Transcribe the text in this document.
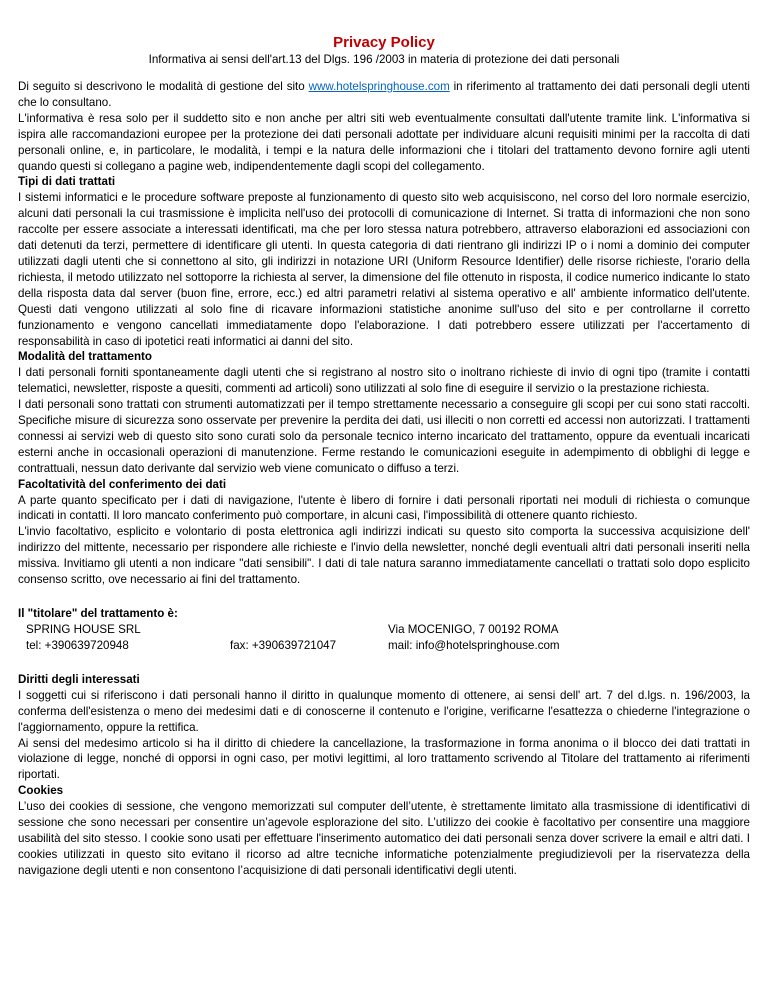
Privacy Policy
Informativa ai sensi dell'art.13 del Dlgs. 196 /2003 in materia di protezione dei dati personali

Di seguito si descrivono le modalità di gestione del sito www.hotelspringhouse.com in riferimento al trattamento dei dati personali degli utenti che lo consultano.

L'informativa è resa solo per il suddetto sito e non anche per altri siti web eventualmente consultati dall'utente tramite link. L'informativa si ispira alle raccomandazioni europee per la protezione dei dati personali adottate per individuare alcuni requisiti minimi per la raccolta di dati personali online, e, in particolare, le modalità, i tempi e la natura delle informazioni che i titolari del trattamento devono fornire agli utenti quando questi si collegano a pagine web, indipendentemente dagli scopi del collegamento.

Tipi di dati trattati

I sistemi informatici e le procedure software preposte al funzionamento di questo sito web acquisiscono, nel corso del loro normale esercizio, alcuni dati personali la cui trasmissione è implicita nell'uso dei protocolli di comunicazione di Internet. Si tratta di informazioni che non sono raccolte per essere associate a interessati identificati, ma che per loro stessa natura potrebbero, attraverso elaborazioni ed associazioni con dati detenuti da terzi, permettere di identificare gli utenti. In questa categoria di dati rientrano gli indirizzi IP o i nomi a dominio dei computer utilizzati dagli utenti che si connettono al sito, gli indirizzi in notazione URI (Uniform Resource Identifier) delle risorse richieste, l'orario della richiesta, il metodo utilizzato nel sottoporre la richiesta al server, la dimensione del file ottenuto in risposta, il codice numerico indicante lo stato della risposta data dal server (buon fine, errore, ecc.) ed altri parametri relativi al sistema operativo e all' ambiente informatico dell'utente. Questi dati vengono utilizzati al solo fine di ricavare informazioni statistiche anonime sull'uso del sito e per controllarne il corretto funzionamento e vengono cancellati immediatamente dopo l'elaborazione. I dati potrebbero essere utilizzati per l'accertamento di responsabilità in caso di ipotetici reati informatici ai danni del sito.

Modalità del trattamento

I dati personali forniti spontaneamente dagli utenti che si registrano al nostro sito o inoltrano richieste di invio di ogni tipo (tramite i contatti telematici, newsletter, risposte a quesiti, commenti ad articoli) sono utilizzati al solo fine di eseguire il servizio o la prestazione richiesta.

I dati personali sono trattati con strumenti automatizzati per il tempo strettamente necessario a conseguire gli scopi per cui sono stati raccolti. Specifiche misure di sicurezza sono osservate per prevenire la perdita dei dati, usi illeciti o non corretti ed accessi non autorizzati. I trattamenti connessi ai servizi web di questo sito sono curati solo da personale tecnico interno incaricato del trattamento, oppure da eventuali incaricati esterni anche in occasionali operazioni di manutenzione. Ferme restando le comunicazioni eseguite in adempimento di obblighi di legge e contrattuali, nessun dato derivante dal servizio web viene comunicato o diffuso a terzi.

Facoltatività del conferimento dei dati

A parte quanto specificato per i dati di navigazione, l'utente è libero di fornire i dati personali riportati nei moduli di richiesta o comunque indicati in contatti. Il loro mancato conferimento può comportare, in alcuni casi, l'impossibilità di ottenere quanto richiesto.

L'invio facoltativo, esplicito e volontario di posta elettronica agli indirizzi indicati su questo sito comporta la successiva acquisizione dell' indirizzo del mittente, necessario per rispondere alle richieste e l'invio della newsletter, nonché degli eventuali altri dati personali inseriti nella missiva. Invitiamo gli utenti a non indicare "dati sensibili". I dati di tale natura saranno immediatamente cancellati o trattati solo dopo esplicito consenso scritto, ove necessario ai fini del trattamento.

Il "titolare" del trattamento è:
SPRING HOUSE SRL
tel: +390639720948	fax: +390639721047
Via MOCENIGO, 7 00192 ROMA
mail: info@hotelspringhouse.com
Diritti degli interessati

I soggetti cui si riferiscono i dati personali hanno il diritto in qualunque momento di ottenere, ai sensi dell' art. 7 del d.lgs. n. 196/2003, la conferma dell'esistenza o meno dei medesimi dati e di conoscerne il contenuto e l'origine, verificarne l'esattezza o chiederne l'integrazione o l'aggiornamento, oppure la rettifica.

Ai sensi del medesimo articolo si ha il diritto di chiedere la cancellazione, la trasformazione in forma anonima o il blocco dei dati trattati in violazione di legge, nonché di opporsi in ogni caso, per motivi legittimi, al loro trattamento scrivendo al Titolare del trattamento ai riferimenti riportati.

Cookies

L’uso dei cookies di sessione, che vengono memorizzati sul computer dell’utente, è strettamente limitato alla trasmissione di identificativi di sessione che sono necessari per consentire un’agevole esplorazione del sito. L’utilizzo dei cookie è facoltativo per consentire una maggiore usabilità del sito stesso. I cookie sono usati per effettuare l'inserimento automatico dei dati personali senza dover scrivere la email e altri dati. I cookies utilizzati in questo sito evitano il ricorso ad altre tecniche informatiche potenzialmente pregiudizievoli per la riservatezza della navigazione degli utenti e non consentono l’acquisizione di dati personali identificativi degli utenti.
